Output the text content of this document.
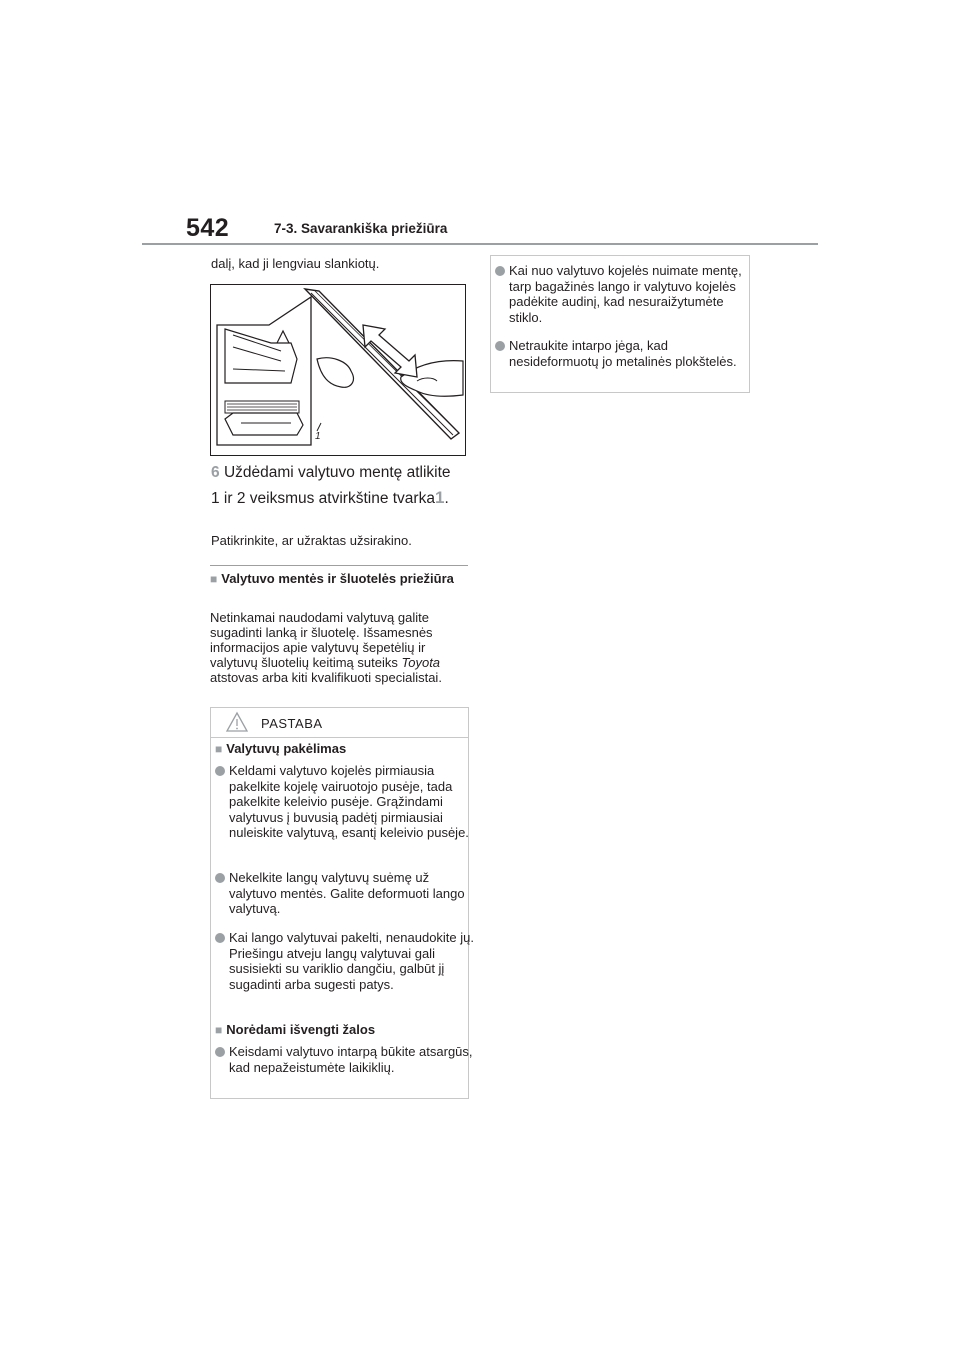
542	7-3. Savarankiška priežiūra
dalį, kad ji lengviau slankiotų.
1
6 Uždėdami valytuvo mentę atlikite 1 ir 2 veiksmus atvirkštine tvarka1.
Patikrinkite, ar užraktas užsirakino.
■ Valytuvo mentės ir šluotelės priežiūra
Netinkamai naudodami valytuvą galite sugadinti lanką ir šluotelę. Išsamesnės informacijos apie valytuvų šepetėlių ir valytuvų šluotelių keitimą suteiks Toyota atstovas arba kiti kvalifikuoti specialistai.
PASTABA
■ Valytuvų pakėlimas
Keldami valytuvo kojelės pirmiausia pakelkite kojelę vairuotojo pusėje, tada pakelkite keleivio pusėje. Grąžindami valytuvus į buvusią padėtį pirmiausiai nuleiskite valytuvą, esantį keleivio pusėje.
Nekelkite langų valytuvų suėmę už valytuvo mentės. Galite deformuoti lango valytuvą.
Kai lango valytuvai pakelti, nenaudokite jų. Priešingu atveju langų valytuvai gali susisiekti su variklio dangčiu, galbūt jį sugadinti arba sugesti patys.
■ Norėdami išvengti žalos
Keisdami valytuvo intarpą būkite atsargūs, kad nepažeistumėte laikiklių.
Kai nuo valytuvo kojelės nuimate mentę, tarp bagažinės lango ir valytuvo kojelės padėkite audinį, kad nesuraižytumėte stiklo.
Netraukite intarpo jėga, kad nesideformuotų jo metalinės plokštelės.
